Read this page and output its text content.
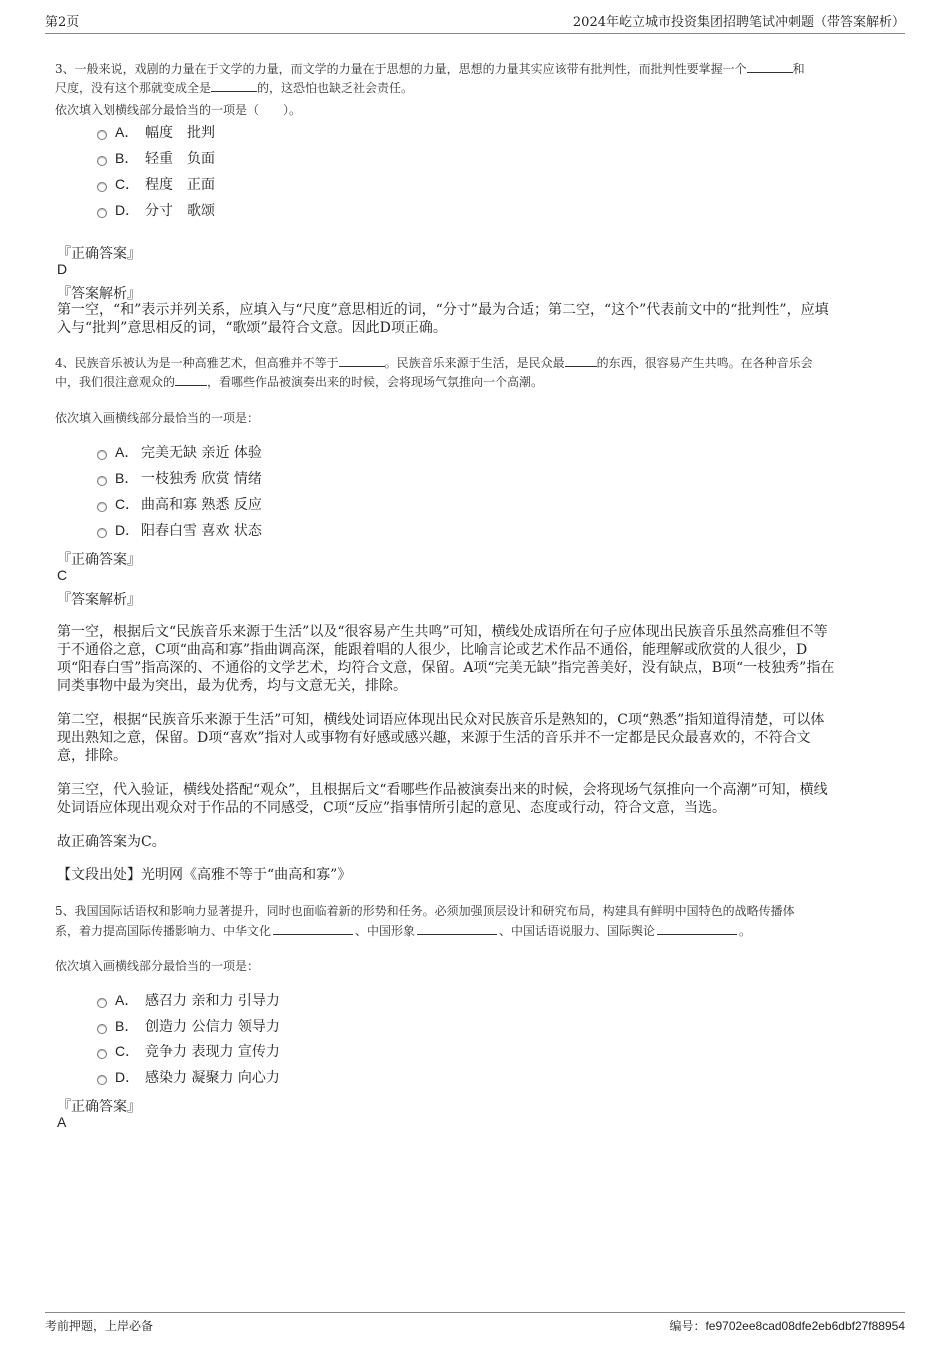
第2页	2024年屹立城市投资集团招聘笔试冲刺题（带答案解析）
3、一般来说，戏剧的力量在于文学的力量，而文学的力量在于思想的力量，思想的力量其实应该带有批判性，而批判性要掌握一个	和
尺度，没有这个那就变成全是	的，这恐怕也缺乏社会责任。
依次填入划横线部分最恰当的一项是（　　）。
A． 幅度　批判
B． 轻重　负面
C． 程度　正面
D． 分寸　歌颂
『正确答案』
D
『答案解析』
第一空，“和”表示并列关系，应填入与“尺度”意思相近的词，“分寸”最为合适；第二空，“这个”代表前文中的“批判性”，应填
入与“批判”意思相反的词，“歌颂”最符合文意。因此D项正确。
4、民族音乐被认为是一种高雅艺术，但高雅并不等于	。民族音乐来源于生活，是民众最	的东西，很容易产生共鸣。在各种音乐会
中，我们很注意观众的	，看哪些作品被演奏出来的时候，会将现场气氛推向一个高潮。
依次填入画横线部分最恰当的一项是：
A． 完美无缺 亲近 体验
B． 一枝独秀 欣赏 情绪
C． 曲高和寡 熟悉 反应
D． 阳春白雪 喜欢 状态
『正确答案』
C
『答案解析』
第一空，根据后文“民族音乐来源于生活”以及“很容易产生共鸣”可知，横线处成语所在句子应体现出民族音乐虽然高雅但不等
于不通俗之意，C项“曲高和寡”指曲调高深，能跟着唱的人很少，比喻言论或艺术作品不通俗，能理解或欣赏的人很少，D
项“阳春白雪”指高深的、不通俗的文学艺术，均符合文意，保留。A项“完美无缺”指完善美好，没有缺点，B项“一枝独秀”指在
同类事物中最为突出，最为优秀，均与文意无关，排除。
第二空，根据“民族音乐来源于生活”可知，横线处词语应体现出民众对民族音乐是熟知的，C项“熟悉”指知道得清楚，可以体
现出熟知之意，保留。D项“喜欢”指对人或事物有好感或感兴趣，来源于生活的音乐并不一定都是民众最喜欢的，不符合文
意，排除。
第三空，代入验证，横线处搭配“观众”，且根据后文“看哪些作品被演奏出来的时候，会将现场气氛推向一个高潮”可知，横线
处词语应体现出观众对于作品的不同感受，C项“反应”指事情所引起的意见、态度或行动，符合文意，当选。
故正确答案为C。
【文段出处】光明网《高雅不等于“曲高和寡”》
5、我国国际话语权和影响力显著提升，同时也面临着新的形势和任务。必须加强顶层设计和研究布局，构建具有鲜明中国特色的战略传播体
系，着力提高国际传播影响力、中华文化	、中国形象	、中国话语说服力、国际舆论	。
依次填入画横线部分最恰当的一项是：
A． 感召力 亲和力 引导力
B． 创造力 公信力 领导力
C． 竞争力 表现力 宣传力
D． 感染力 凝聚力 向心力
『正确答案』
A
考前押题，上岸必备	编号：fe9702ee8cad08dfe2eb6dbf27f88954
